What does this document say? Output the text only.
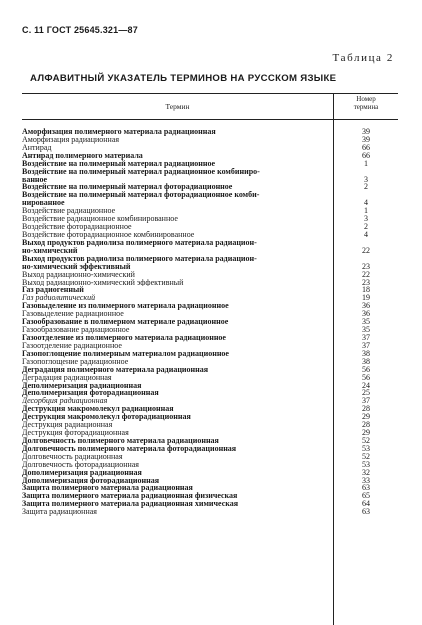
С. 11 ГОСТ 25645.321—87
Таблица 2
АЛФАВИТНЫЙ УКАЗАТЕЛЬ ТЕРМИНОВ НА РУССКОМ ЯЗЫКЕ
Термин
Номер
термина
Аморфизация полимерного материала радиационная	39
Аморфизация радиационная	39
Антирад	66
Антирад полимерного материала	66
Воздействие на полимерный материал радиационное	1
Воздействие на полимерный материал радиационное комбиниро-
ванное	3
Воздействие на полимерный материал фоторадиационное	2
Воздействие на полимерный материал фоторадиационное комби-
нированное	4
Воздействие радиационное	1
Воздействие радиационное комбинированное	3
Воздействие фоторадиационное	2
Воздействие фоторадиационное комбинированное	4
Выход продуктов радиолиза полимерного материала радиацион-
но-химический	22
Выход продуктов радиолиза полимерного материала радиацион-
но-химический эффективный	23
Выход радиационно-химический	22
Выход радиационно-химический эффективный	23
Газ радиогенный	18
Газ радиолитический	19
Газовыделение из полимерного материала радиационное	36
Газовыделение радиационное	36
Газообразование в полимерном материале радиационное	35
Газообразование радиационное	35
Газоотделение из полимерного материала радиационное	37
Газоотделение радиационное	37
Газопоглощение полимерным материалом радиационное	38
Газопоглощение радиационное	38
Деградация полимерного материала радиационная	56
Деградация радиационная	56
Деполимеризация радиационная	24
Деполимеризация фоторадиационная	25
Десорбция радиационная	37
Деструкция макромолекул радиационная	28
Деструкция макромолекул фоторадиационная	29
Деструкция радиационная	28
Деструкция фоторадиационная	29
Долговечность полимерного материала радиационная	52
Долговечность полимерного материала фоторадиационная	53
Долговечность радиационная	52
Долговечность фоторадиационная	53
Дополимеризация радиационная	32
Дополимеризация фоторадиационная	33
Защита полимерного материала радиационная	63
Защита полимерного материала радиационная физическая	65
Защита полимерного материала радиационная химическая	64
Защита радиационная	63
